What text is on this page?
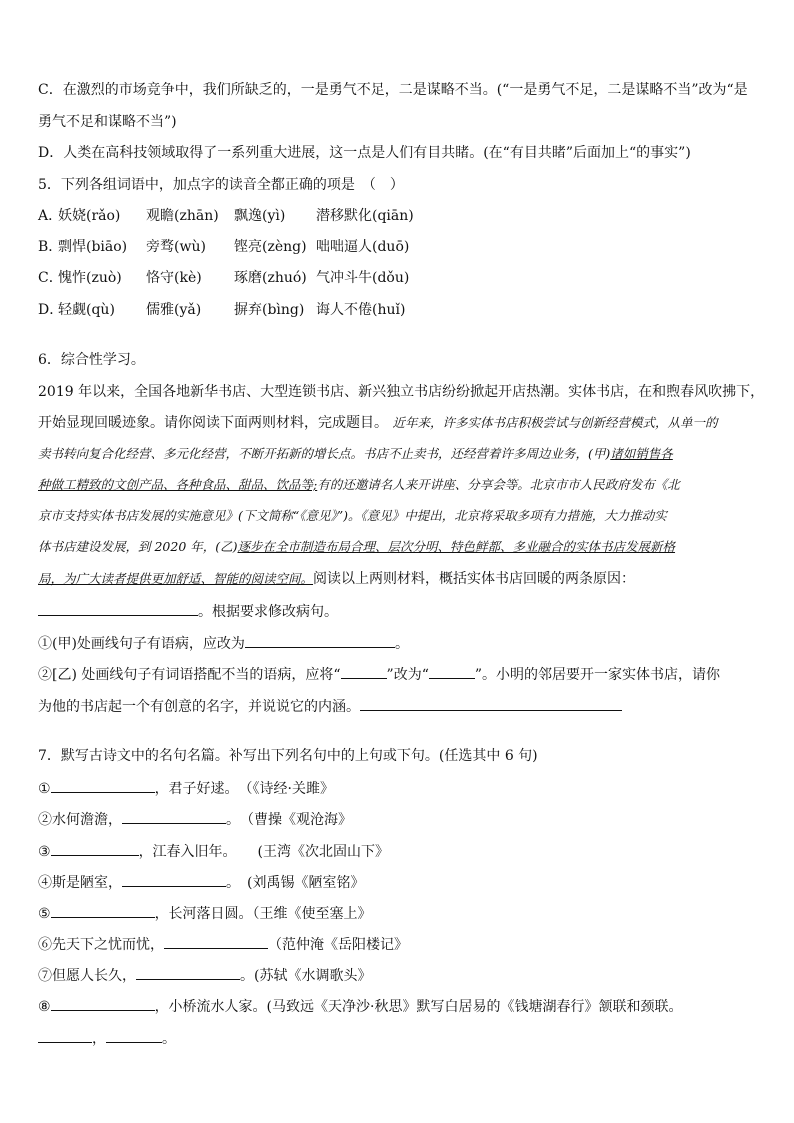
C．在激烈的市场竞争中，我们所缺乏的，一是勇气不足，二是谋略不当。(“一是勇气不足，二是谋略不当”改为“是
勇气不足和谋略不当”)
D．人类在高科技领域取得了一系列重大进展，这一点是人们有目共睹。(在“有目共睹”后面加上“的事实”)
5．下列各组词语中，加点字的读音全都正确的项是　（　）
A．妖娆(rǎo) 观瞻(zhān) 飘逸(yì) 潜移默化(qiān)
B．剽悍(biāo) 旁骛(wù) 铿亮(zèng) 咄咄逼人(duō)
C．愧怍(zuò) 恪守(kè) 琢磨(zhuó) 气冲斗牛(dǒu)
D．轻觑(qù) 儒雅(yǎ) 摒弃(bìng) 诲人不倦(huǐ)
6．综合性学习。
2019 年以来，全国各地新华书店、大型连锁书店、新兴独立书店纷纷掀起开店热潮。实体书店，在和煦春风吹拂下，
开始显现回暖迹象。请你阅读下面两则材料，完成题目。 近年来，许多实体书店积极尝试与创新经营模式，从单一的
卖书转向复合化经营、多元化经营，不断开拓新的增长点。书店不止卖书，还经营着许多周边业务，(甲)诸如销售各
种做工精致的文创产品、各种食品、甜品、饮品等;有的还邀请名人来开讲座、分享会等。北京市市人民政府发布《北
京市支持实体书店发展的实施意见》(下文简称“《意见》”)。《意见》中提出，北京将采取多项有力措施，大力推动实
体书店建设发展，到 2020 年，(乙)逐步在全市制造布局合理、层次分明、特色鲜都、多业融合的实体书店发展新格
局，为广大读者提供更加舒适、智能的阅读空间。阅读以上两则材料，概括实体书店回暖的两条原因：
。根据要求修改病句。
①(甲)处画线句子有语病，应改为	。
②[乙) 处画线句子有词语搭配不当的语病，应将“	”改为“	”。小明的邻居要开一家实体书店，请你
为他的书店起一个有创意的名字，并说说它的内涵。
7．默写古诗文中的名句名篇。补写出下列名句中的上句或下句。(任选其中 6 句)
①	，君子好逑。　（《诗经·关雎》
②水何澹澹，	。　（曹操《观沧海》
③	，江春入旧年。　　(王湾《次北固山下》
④斯是陋室，	。　(刘禹锡《陋室铭》
⑤	，长河落日圆。（王维《使至塞上》
⑥先天下之忧而忧，	（范仲淹《岳阳楼记》
⑦但愿人长久，	。(苏轼《水调歌头》
⑧	，小桥流水人家。(马致远《天净沙·秋思》默写白居易的《钱塘湖春行》颔联和颈联。
，	。
